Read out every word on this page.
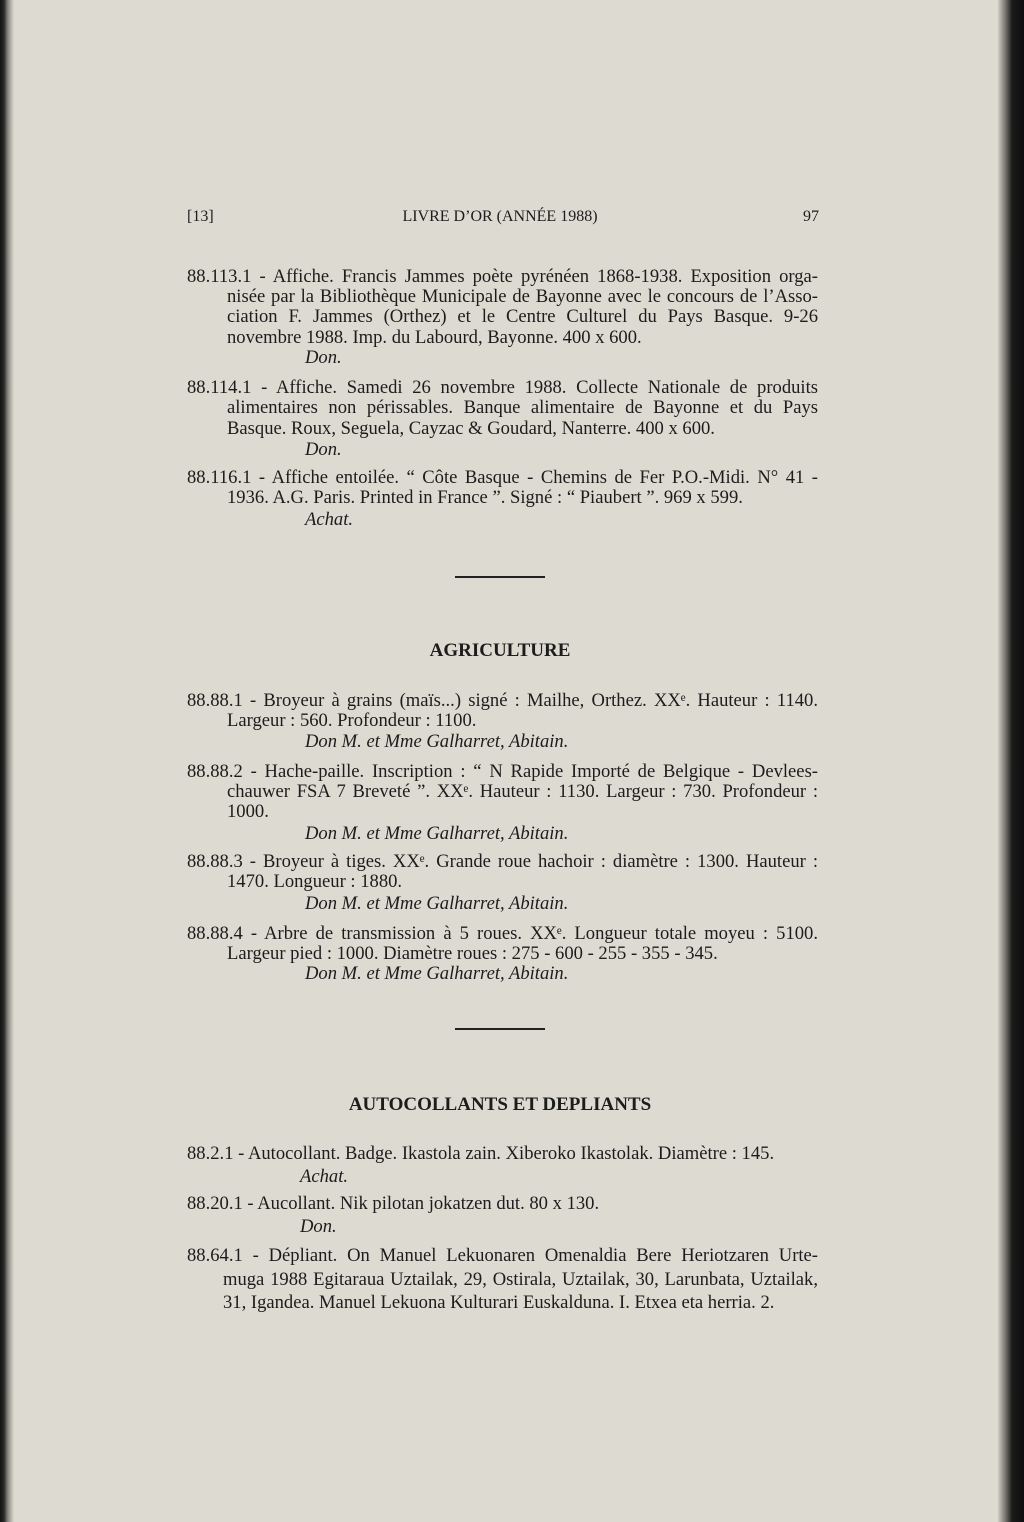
[13]	LIVRE D’OR (ANNÉE 1988)	97
88.113.1 - Affiche. Francis Jammes poète pyrénéen 1868-1938. Exposition orga-
nisée par la Bibliothèque Municipale de Bayonne avec le concours de l’Asso-
ciation F. Jammes (Orthez) et le Centre Culturel du Pays Basque. 9-26
novembre 1988. Imp. du Labourd, Bayonne. 400 x 600.
Don.
88.114.1 - Affiche. Samedi 26 novembre 1988. Collecte Nationale de produits
alimentaires non périssables. Banque alimentaire de Bayonne et du Pays
Basque. Roux, Seguela, Cayzac & Goudard, Nanterre. 400 x 600.
Don.
88.116.1 - Affiche entoilée. “ Côte Basque - Chemins de Fer P.O.-Midi. N° 41 -
1936. A.G. Paris. Printed in France ”. Signé : “ Piaubert ”. 969 x 599.
Achat.
AGRICULTURE
88.88.1 - Broyeur à grains (maïs...) signé : Mailhe, Orthez. XXᵉ. Hauteur : 1140.
Largeur : 560. Profondeur : 1100.
Don M. et Mme Galharret, Abitain.
88.88.2 - Hache-paille. Inscription : “ N Rapide Importé de Belgique - Devlees-
chauwer FSA 7 Breveté ”. XXᵉ. Hauteur : 1130. Largeur : 730. Profondeur :
1000.
Don M. et Mme Galharret, Abitain.
88.88.3 - Broyeur à tiges. XXᵉ. Grande roue hachoir : diamètre : 1300. Hauteur :
1470. Longueur : 1880.
Don M. et Mme Galharret, Abitain.
88.88.4 - Arbre de transmission à 5 roues. XXᵉ. Longueur totale moyeu : 5100.
Largeur pied : 1000. Diamètre roues : 275 - 600 - 255 - 355 - 345.
Don M. et Mme Galharret, Abitain.
AUTOCOLLANTS ET DEPLIANTS
88.2.1 - Autocollant. Badge. Ikastola zain. Xiberoko Ikastolak. Diamètre : 145.
Achat.
88.20.1 - Aucollant. Nik pilotan jokatzen dut. 80 x 130.
Don.
88.64.1 - Dépliant. On Manuel Lekuonaren Omenaldia Bere Heriotzaren Urte-
muga 1988 Egitaraua Uztailak, 29, Ostirala, Uztailak, 30, Larunbata, Uztailak,
31, Igandea. Manuel Lekuona Kulturari Euskalduna. I. Etxea eta herria. 2.
